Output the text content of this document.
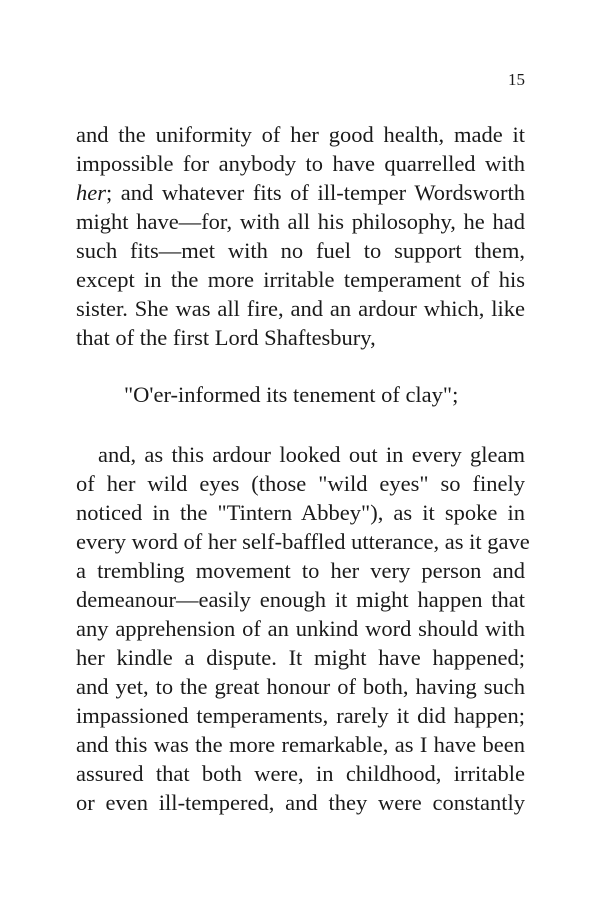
15
and the uniformity of her good health, made it
impossible for anybody to have quarrelled with
her; and whatever fits of ill-temper Wordsworth
might have—for, with all his philosophy, he had
such fits—met with no fuel to support them,
except in the more irritable temperament of his
sister. She was all fire, and an ardour which, like
that of the first Lord Shaftesbury,
"O'er-informed its tenement of clay";
and, as this ardour looked out in every gleam
of her wild eyes (those "wild eyes" so finely
noticed in the "Tintern Abbey"), as it spoke in
every word of her self-baffled utterance, as it gave
a trembling movement to her very person and
demeanour—easily enough it might happen that
any apprehension of an unkind word should with
her kindle a dispute. It might have happened;
and yet, to the great honour of both, having such
impassioned temperaments, rarely it did happen;
and this was the more remarkable, as I have been
assured that both were, in childhood, irritable
or even ill-tempered, and they were constantly
